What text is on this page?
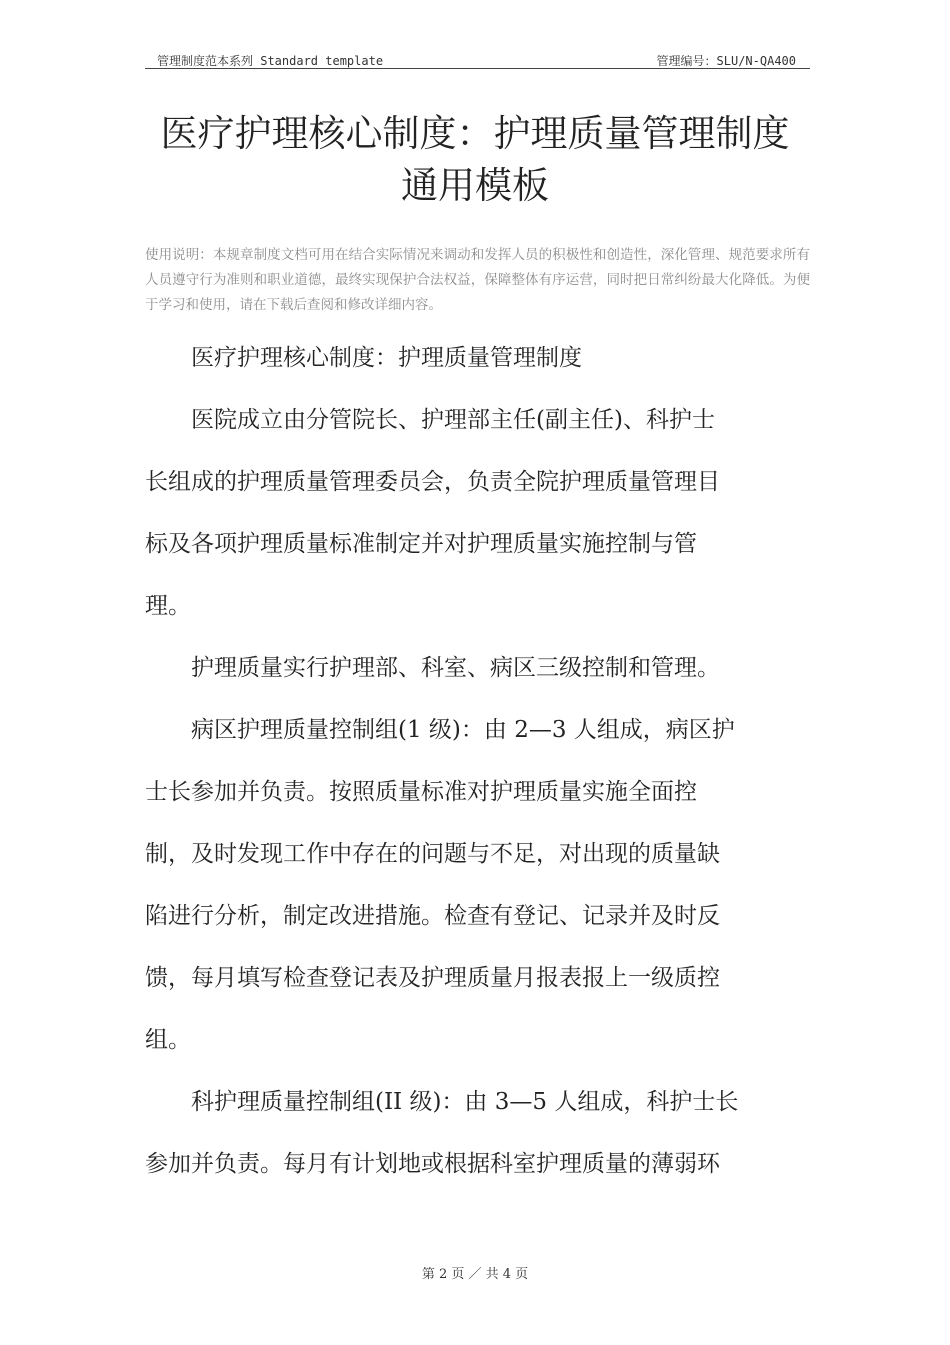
管理制度范本系列 Standard template	管理编号：SLU/N-QA400
医疗护理核心制度：护理质量管理制度
通用模板
使用说明：本规章制度文档可用在结合实际情况来调动和发挥人员的积极性和创造性，深化管理、规范要求所有人员遵守行为准则和职业道德，最终实现保护合法权益，保障整体有序运营，同时把日常纠纷最大化降低。为便于学习和使用，请在下载后查阅和修改详细内容。
医疗护理核心制度：护理质量管理制度
医院成立由分管院长、护理部主任(副主任)、科护士
长组成的护理质量管理委员会，负责全院护理质量管理目
标及各项护理质量标准制定并对护理质量实施控制与管
理。
护理质量实行护理部、科室、病区三级控制和管理。
病区护理质量控制组(1 级)：由 2—3 人组成，病区护
士长参加并负责。按照质量标准对护理质量实施全面控
制，及时发现工作中存在的问题与不足，对出现的质量缺
陷进行分析，制定改进措施。检查有登记、记录并及时反
馈，每月填写检查登记表及护理质量月报表报上一级质控
组。
科护理质量控制组(II 级)：由 3—5 人组成，科护士长
参加并负责。每月有计划地或根据科室护理质量的薄弱环
第 2 页 ／ 共 4 页
